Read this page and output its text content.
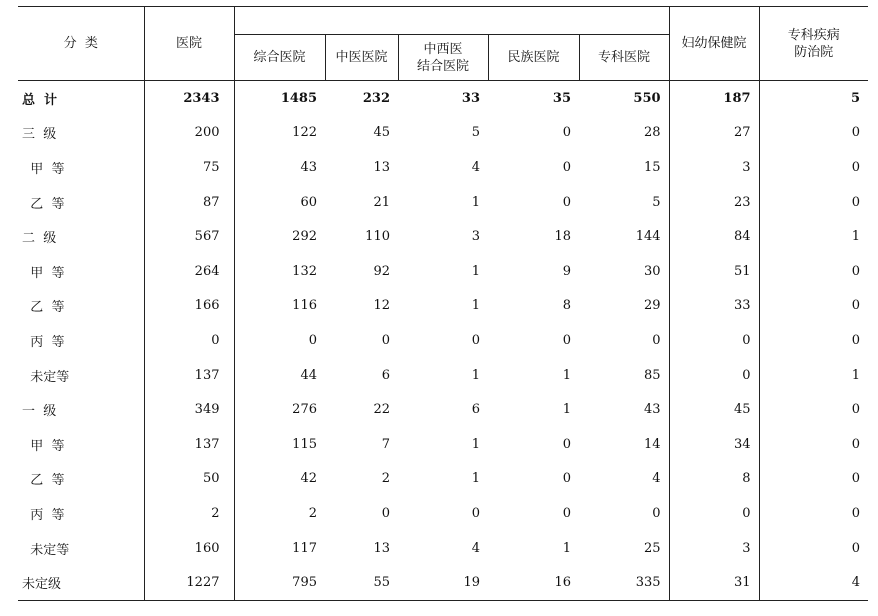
分  类	医院						妇幼保健院	专科疾病
防治院
		综合医院	中医医院	中西医
结合医院	民族医院	专科医院		
总  计	2343	1485	232	33	35	550	187	5
三  级	200	122	45	5	0	28	27	0
甲  等	75	43	13	4	0	15	3	0
乙  等	87	60	21	1	0	5	23	0
二  级	567	292	110	3	18	144	84	1
甲  等	264	132	92	1	9	30	51	0
乙  等	166	116	12	1	8	29	33	0
丙  等	0	0	0	0	0	0	0	0
未定等	137	44	6	1	1	85	0	1
一  级	349	276	22	6	1	43	45	0
甲  等	137	115	7	1	0	14	34	0
乙  等	50	42	2	1	0	4	8	0
丙  等	2	2	0	0	0	0	0	0
未定等	160	117	13	4	1	25	3	0
未定级	1227	795	55	19	16	335	31	4
